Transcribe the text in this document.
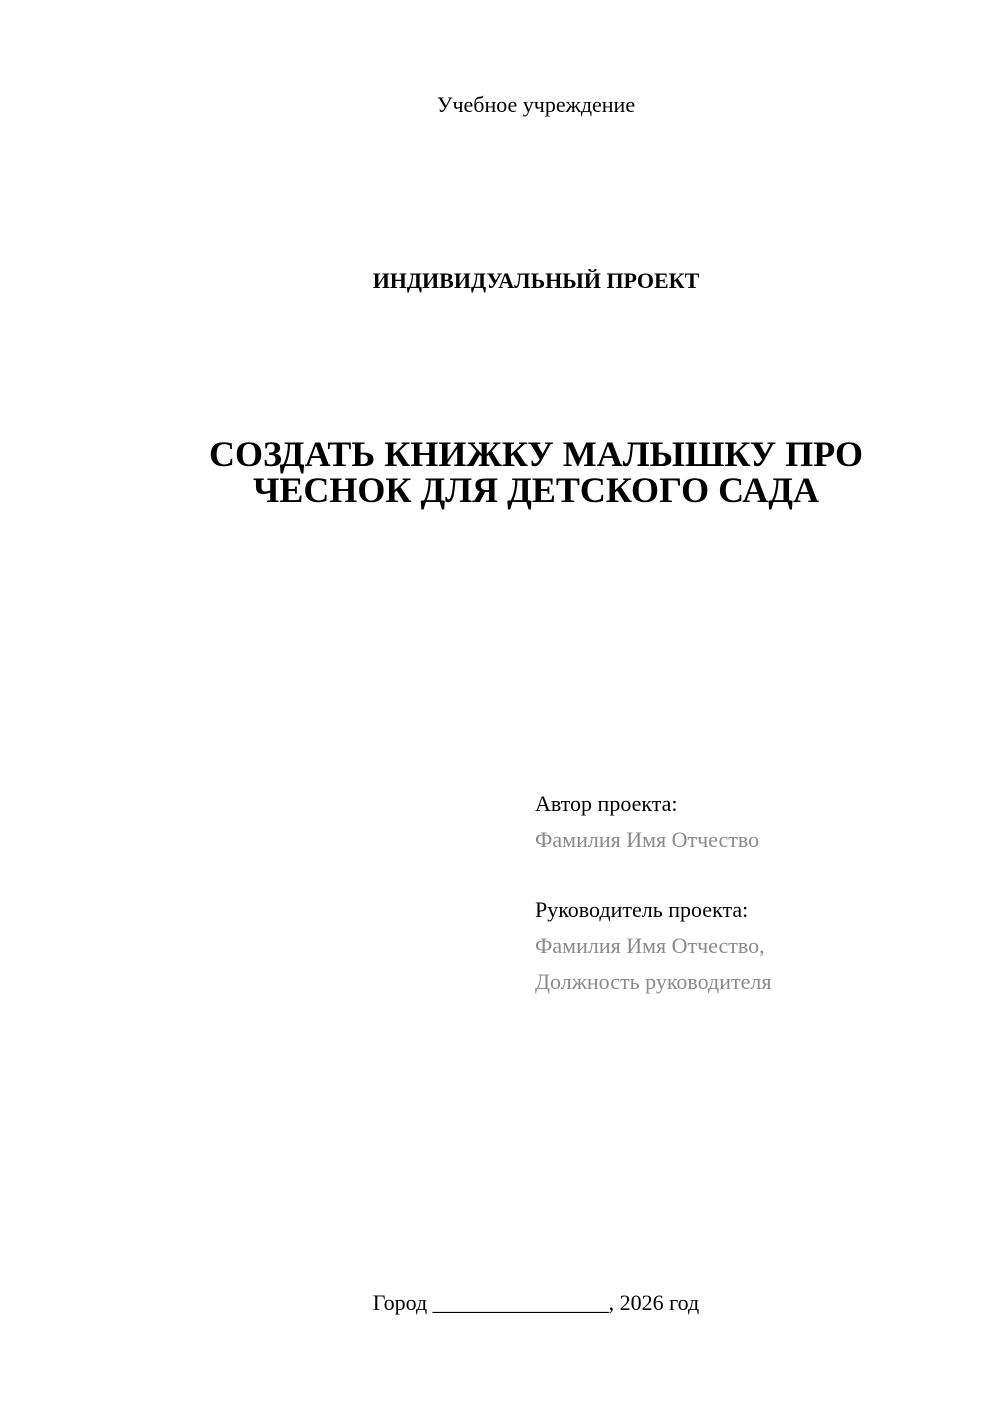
Учебное учреждение
ИНДИВИДУАЛЬНЫЙ ПРОЕКТ
СОЗДАТЬ КНИЖКУ МАЛЫШКУ ПРО
ЧЕСНОК ДЛЯ ДЕТСКОГО САДА
Автор проекта:
Фамилия Имя Отчество
Руководитель проекта:
Фамилия Имя Отчество,
Должность руководителя
Город ________________, 2026 год
